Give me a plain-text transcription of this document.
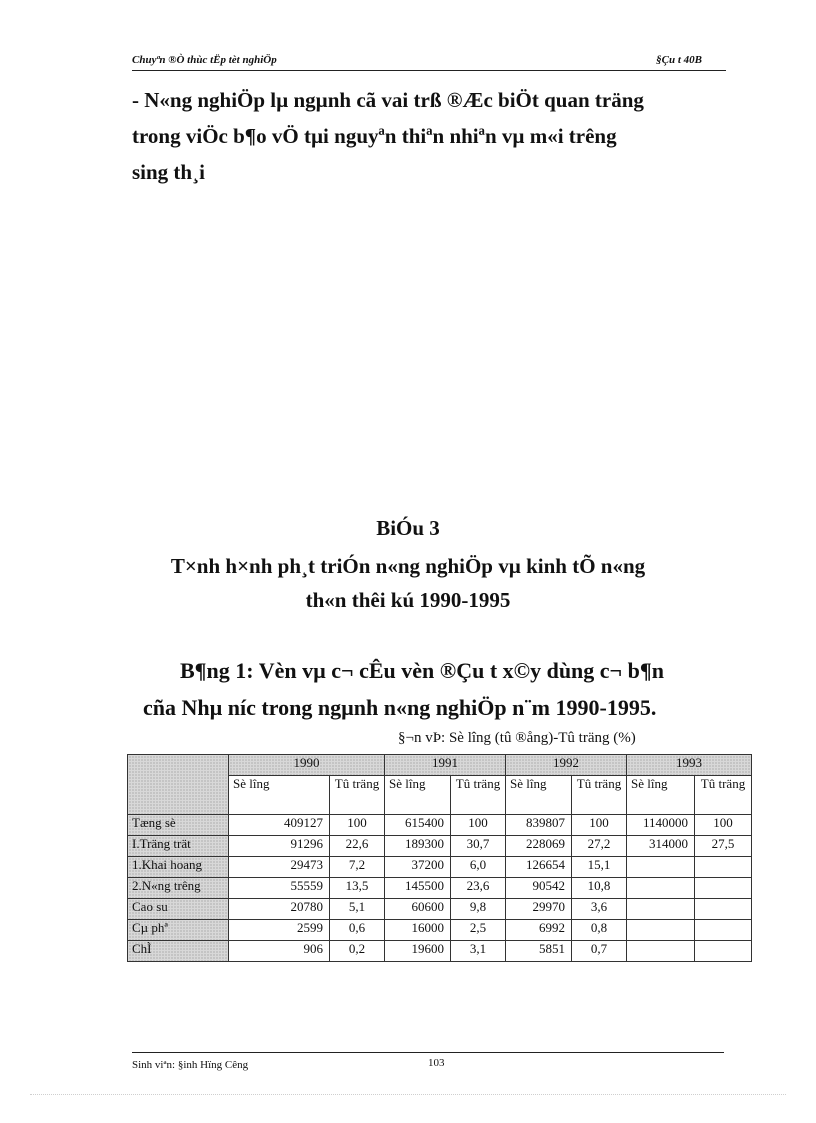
Chuyªn ®Ò thùc tËp tèt nghiÖp	§Çu t 40B
- N«ng nghiÖp lµ ngµnh cã vai trß ®Æc biÖt quan träng
trong viÖc b¶o vÖ tµi nguyªn thiªn nhiªn vµ m«i trêng
sing th¸i
BiÓu 3
T×nh h×nh ph¸t triÓn n«ng nghiÖp vµ kinh tÕ n«ng
th«n thêi kú 1990-1995
B¶ng 1: Vèn vµ c¬ cÊu vèn ®Çu t x©y dùng c¬ b¶n
cña Nhµ níc trong ngµnh n«ng nghiÖp n¨m 1990-1995.
§¬n vÞ: Sè lîng (tû ®ång)-Tû träng (%)
	1990		1991		1992		1993	
	Sè lîng	Tû träng	Sè lîng	Tû träng	Sè lîng	Tû träng	Sè lîng	Tû träng
Tæng sè	409127	100	615400	100	839807	100	1140000	100
I.Träng trät	91296	22,6	189300	30,7	228069	27,2	314000	27,5
1.Khai hoang	29473	7,2	37200	6,0	126654	15,1		
2.N«ng trêng	55559	13,5	145500	23,6	90542	10,8		
Cao su	20780	5,1	60600	9,8	29970	3,6		
Cµ phª	2599	0,6	16000	2,5	6992	0,8		
ChÌ	906	0,2	19600	3,1	5851	0,7		
Sinh viªn: §inh Hïng Cêng	103
